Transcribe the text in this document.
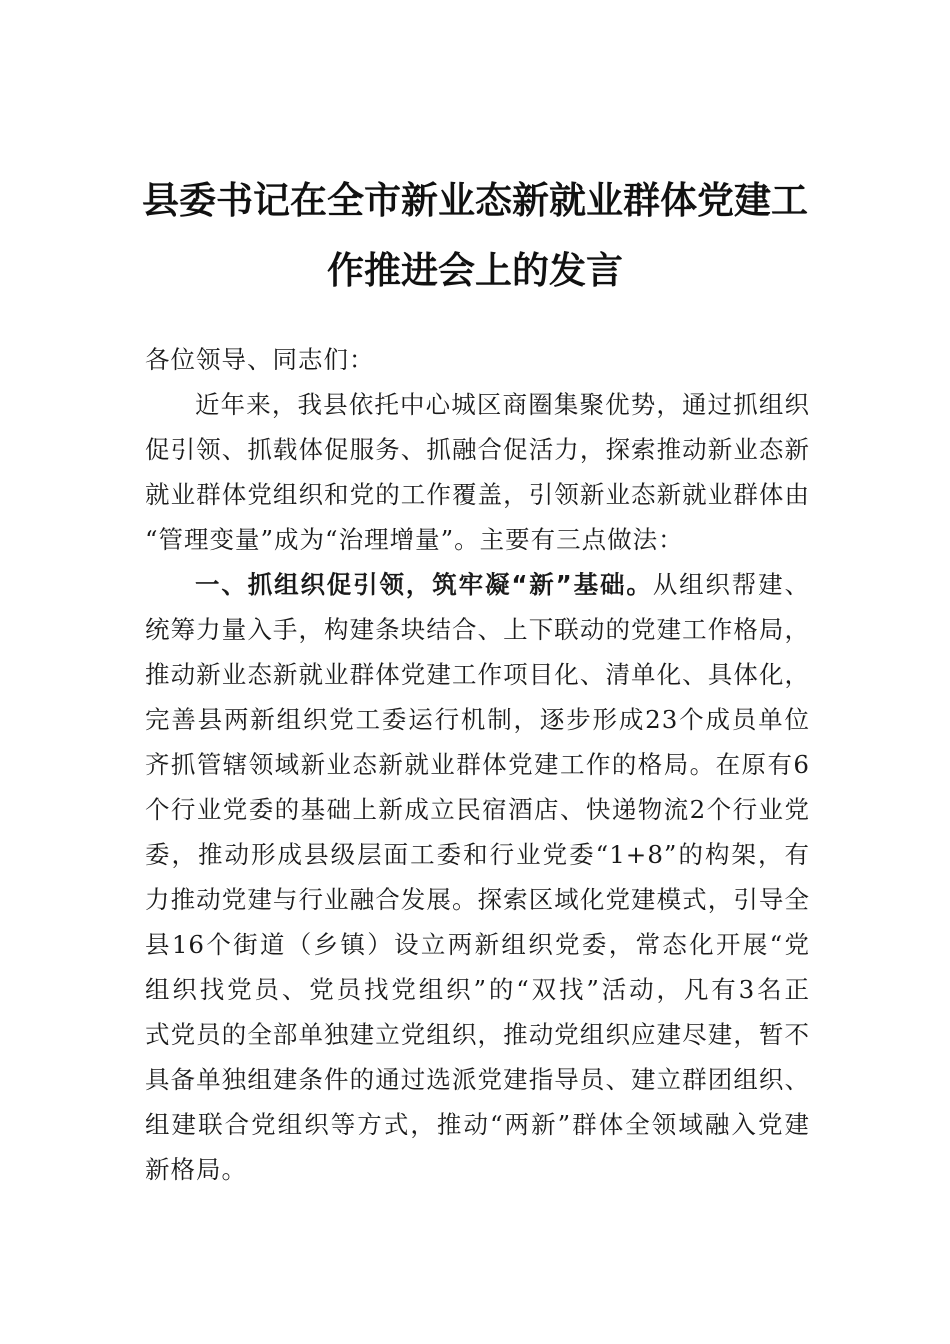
县委书记在全市新业态新就业群体党建工
作推进会上的发言
各位领导、同志们：
近年来，我县依托中心城区商圈集聚优势，通过抓组织
促引领、抓载体促服务、抓融合促活力，探索推动新业态新
就业群体党组织和党的工作覆盖，引领新业态新就业群体由
“管理变量”成为“治理增量”。主要有三点做法：
一、抓组织促引领，筑牢凝“新”基础。从组织帮建、
统筹力量入手，构建条块结合、上下联动的党建工作格局，
推动新业态新就业群体党建工作项目化、清单化、具体化，
完善县两新组织党工委运行机制，逐步形成23个成员单位
齐抓管辖领域新业态新就业群体党建工作的格局。在原有6
个行业党委的基础上新成立民宿酒店、快递物流2个行业党
委，推动形成县级层面工委和行业党委“1+8”的构架，有
力推动党建与行业融合发展。探索区域化党建模式，引导全
县16个街道（乡镇）设立两新组织党委，常态化开展“党
组织找党员、党员找党组织”的“双找”活动，凡有3名正
式党员的全部单独建立党组织，推动党组织应建尽建，暂不
具备单独组建条件的通过选派党建指导员、建立群团组织、
组建联合党组织等方式，推动“两新”群体全领域融入党建
新格局。
